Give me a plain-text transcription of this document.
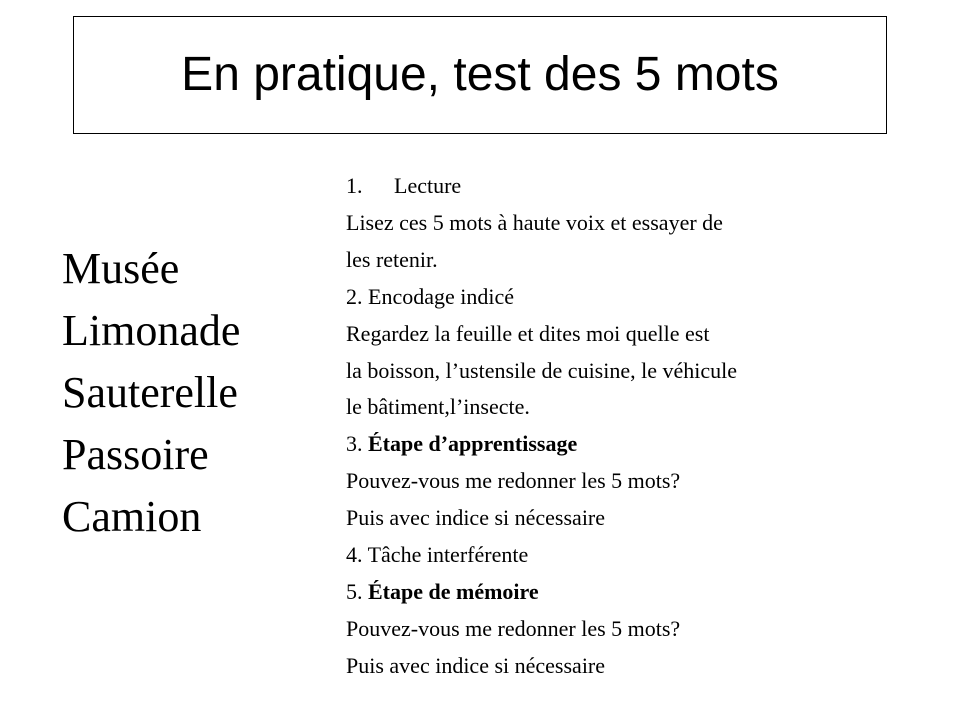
En pratique, test des 5 mots
Musée
Limonade
Sauterelle
Passoire
Camion
1. Lecture
Lisez ces 5 mots à haute voix et essayer de
les retenir.
2. Encodage indicé
Regardez la feuille et dites moi quelle est
la boisson, l’ustensile de cuisine, le véhicule
le bâtiment,l’insecte.
3. Étape d’apprentissage
Pouvez-vous me redonner les 5 mots?
Puis avec indice si nécessaire
4. Tâche interférente
5. Étape de mémoire
Pouvez-vous me redonner les 5 mots?
Puis avec indice si nécessaire
